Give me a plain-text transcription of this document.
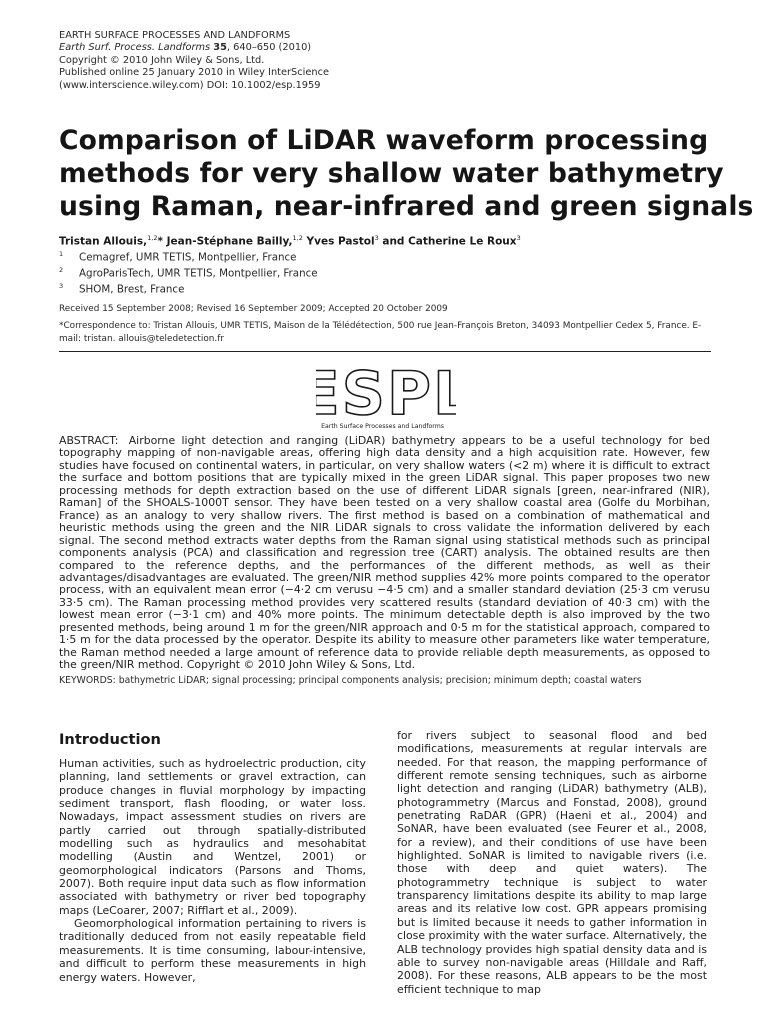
EARTH SURFACE PROCESSES AND LANDFORMS
Earth Surf. Process. Landforms 35, 640–650 (2010)
Copyright © 2010 John Wiley & Sons, Ltd.
Published online 25 January 2010 in Wiley InterScience
(www.interscience.wiley.com) DOI: 10.1002/esp.1959
Comparison of LiDAR waveform processing
methods for very shallow water bathymetry
using Raman, near-infrared and green signals
Tristan Allouis,$^{1,2}$* Jean-Stéphane Bailly,$^{1,2}$ Yves Pastol$^3$ and Catherine Le Roux$^3$
$^1$ Cemagref, UMR TETIS, Montpellier, France
$^2$ AgroParisTech, UMR TETIS, Montpellier, France
$^3$ SHOM, Brest, France
Received 15 September 2008; Revised 16 September 2009; Accepted 20 October 2009
*Correspondence to: Tristan Allouis, UMR TETIS, Maison de la Télédétection, 500 rue Jean-François Breton, 34093 Montpellier Cedex 5, France. E-mail: tristan. allouis@teledetection.fr
ESPL
Earth Surface Processes and Landforms
ABSTRACT: Airborne light detection and ranging (LiDAR) bathymetry appears to be a useful technology for bed topography mapping of non-navigable areas, offering high data density and a high acquisition rate. However, few studies have focused on continental waters, in particular, on very shallow waters (<2 m) where it is difficult to extract the surface and bottom positions that are typically mixed in the green LiDAR signal. This paper proposes two new processing methods for depth extraction based on the use of different LiDAR signals [green, near-infrared (NIR), Raman] of the SHOALS-1000T sensor. They have been tested on a very shallow coastal area (Golfe du Morbihan, France) as an analogy to very shallow rivers. The first method is based on a combination of mathematical and heuristic methods using the green and the NIR LiDAR signals to cross validate the information delivered by each signal. The second method extracts water depths from the Raman signal using statistical methods such as principal components analysis (PCA) and classification and regression tree (CART) analysis. The obtained results are then compared to the reference depths, and the performances of the different methods, as well as their advantages/disadvantages are evaluated. The green/NIR method supplies 42% more points compared to the operator process, with an equivalent mean error (−4·2 cm verusu −4·5 cm) and a smaller standard deviation (25·3 cm verusu 33·5 cm). The Raman processing method provides very scattered results (standard deviation of 40·3 cm) with the lowest mean error (−3·1 cm) and 40% more points. The minimum detectable depth is also improved by the two presented methods, being around 1 m for the green/NIR approach and 0·5 m for the statistical approach, compared to 1·5 m for the data processed by the operator. Despite its ability to measure other parameters like water temperature, the Raman method needed a large amount of reference data to provide reliable depth measurements, as opposed to the green/NIR method. Copyright © 2010 John Wiley & Sons, Ltd.
KEYWORDS: bathymetric LiDAR; signal processing; principal components analysis; precision; minimum depth; coastal waters
Introduction

Human activities, such as hydroelectric production, city planning, land settlements or gravel extraction, can produce changes in fluvial morphology by impacting sediment transport, flash flooding, or water loss. Nowadays, impact assessment studies on rivers are partly carried out through spatially-distributed modelling such as hydraulics and mesohabitat modelling (Austin and Wentzel, 2001) or geomorphological indicators (Parsons and Thoms, 2007). Both require input data such as flow information associated with bathymetry or river bed topography maps (LeCoarer, 2007; Rifflart et al., 2009).

Geomorphological information pertaining to rivers is traditionally deduced from not easily repeatable field measurements. It is time consuming, labour-intensive, and difficult to perform these measurements in high energy waters. However,

for rivers subject to seasonal flood and bed modifications, measurements at regular intervals are needed. For that reason, the mapping performance of different remote sensing techniques, such as airborne light detection and ranging (LiDAR) bathymetry (ALB), photogrammetry (Marcus and Fonstad, 2008), ground penetrating RaDAR (GPR) (Haeni et al., 2004) and SoNAR, have been evaluated (see Feurer et al., 2008, for a review), and their conditions of use have been highlighted. SoNAR is limited to navigable rivers (i.e. those with deep and quiet waters). The photogrammetry technique is subject to water transparency limitations despite its ability to map large areas and its relative low cost. GPR appears promising but is limited because it needs to gather information in close proximity with the water surface. Alternatively, the ALB technology provides high spatial density data and is able to survey non-navigable areas (Hilldale and Raff, 2008). For these reasons, ALB appears to be the most efficient technique to map
